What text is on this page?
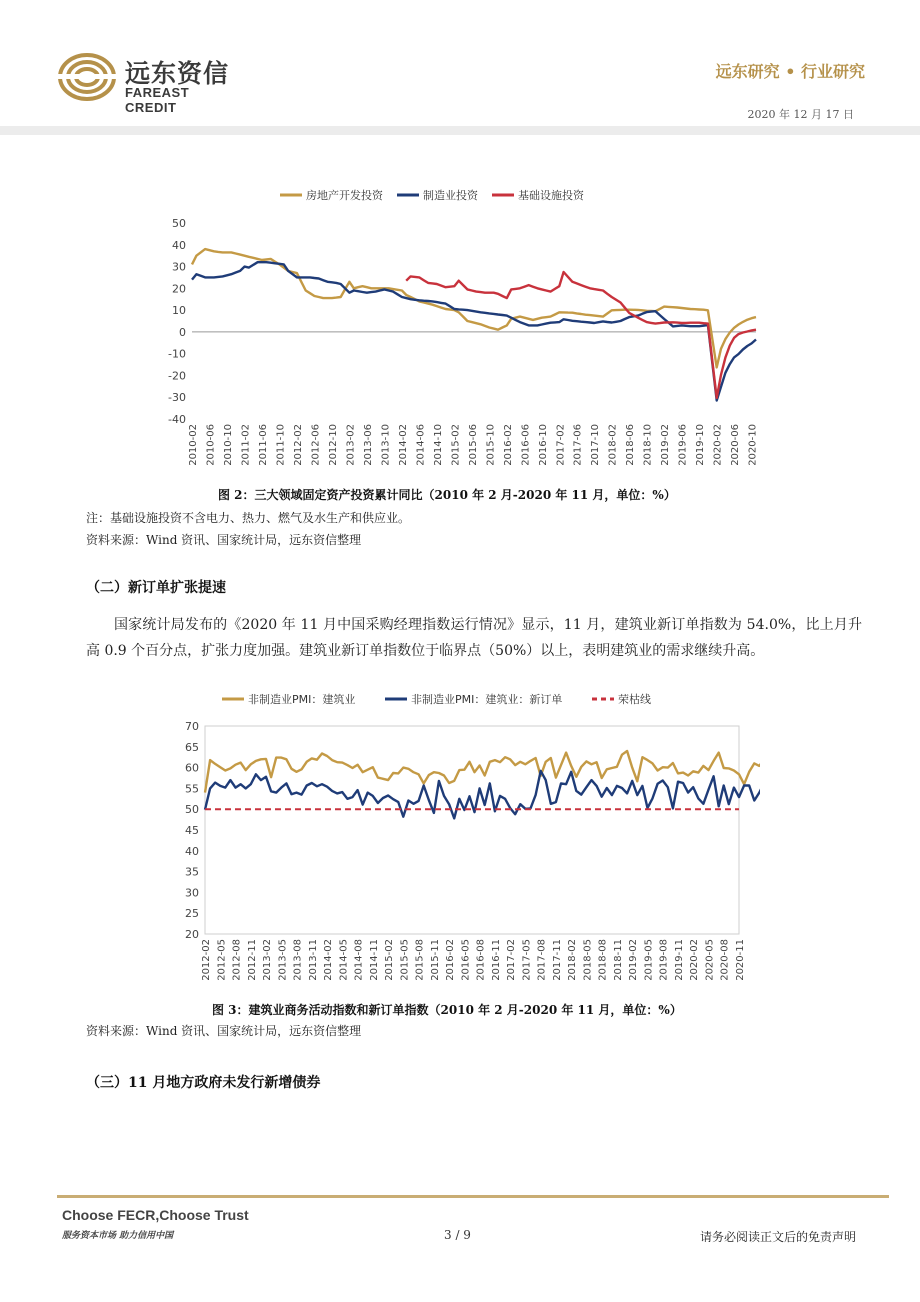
远东资信
FAREAST CREDIT
远东研究 • 行业研究
2020 年 12 月 17 日
房地产开发投资	制造业投资	基础设施投资
50
40
30
20
10
0
-10
-20
-30
-40
2010-02 2010-06 2010-10 2011-02 2011-06 2011-10 2012-02 2012-06 2012-10 2013-02 2013-06 2013-10 2014-02 2014-06 2014-10 2015-02 2015-06 2015-10 2016-02 2016-06 2016-10 2017-02 2017-06 2017-10 2018-02 2018-06 2018-10 2019-02 2019-06 2019-10 2020-02 2020-06 2020-10
图 2：三大领域固定资产投资累计同比（2010 年 2 月-2020 年 11 月，单位：%）
注：基础设施投资不含电力、热力、燃气及水生产和供应业。
资料来源：Wind 资讯、国家统计局，远东资信整理
（二）新订单扩张提速
国家统计局发布的《2020 年 11 月中国采购经理指数运行情况》显示，11 月，建筑业新订单指数为 54.0%，比上月升高 0.9 个百分点，扩张力度加强。建筑业新订单指数位于临界点（50%）以上，表明建筑业的需求继续升高。
非制造业PMI：建筑业	非制造业PMI：建筑业：新订单	荣枯线
70
65
60
55
50
45
40
35
30
25
20
2012-02 2012-05 2012-08 2012-11 2013-02 2013-05 2013-08 2013-11 2014-02 2014-05 2014-08 2014-11 2015-02 2015-05 2015-08 2015-11 2016-02 2016-05 2016-08 2016-11 2017-02 2017-05 2017-08 2017-11 2018-02 2018-05 2018-08 2018-11 2019-02 2019-05 2019-08 2019-11 2020-02 2020-05 2020-08 2020-11
图 3：建筑业商务活动指数和新订单指数（2010 年 2 月-2020 年 11 月，单位：%）
资料来源：Wind 资讯、国家统计局，远东资信整理
（三）11 月地方政府未发行新增债券
Choose FECR,Choose Trust
服务资本市场 助力信用中国	3 / 9	请务必阅读正文后的免责声明
